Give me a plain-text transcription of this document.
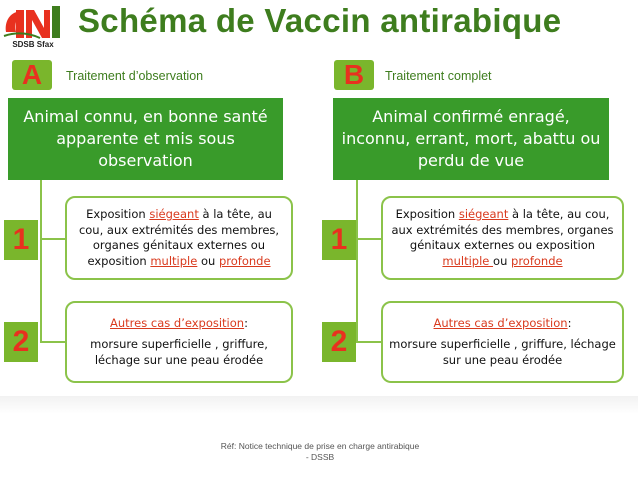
SDSB Sfax
Schéma de Vaccin antirabique
A	Traitement d’observation
Animal connu, en bonne santé apparente et mis sous observation
B	Traitement complet
Animal confirmé enragé, inconnu, errant, mort, abattu ou perdu de vue
1
2
1
2
Exposition siégeant à la tête, au cou, aux extrémités des membres, organes génitaux externes ou exposition multiple ou profonde
Autres cas d’exposition:
morsure superficielle , griffure, léchage sur une peau érodée
Exposition siégeant à la tête, au cou, aux extrémités des membres, organes génitaux externes ou exposition multiple ou profonde
Autres cas d’exposition:
morsure superficielle , griffure, léchage sur une peau érodée
Réf: Notice technique de prise en charge antirabique - DSSB
